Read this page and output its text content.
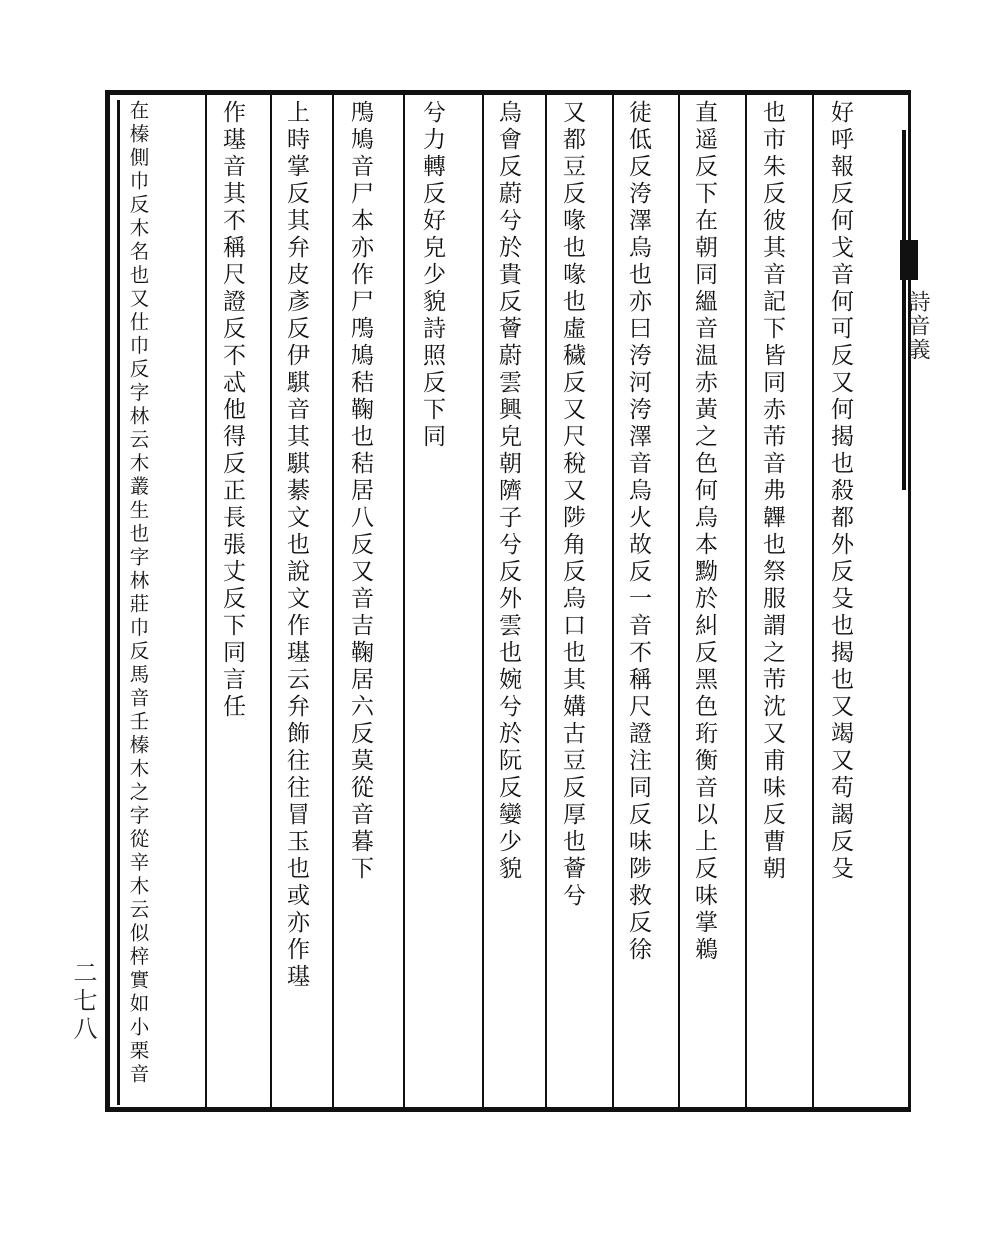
詩音義
好呼報反何戈音何可反又何揭也殺都外反殳也揭也又竭又苟謁反殳
也市朱反彼其音記下皆同赤芾音弗韠也祭服謂之芾沈又甫味反曹朝
直遥反下在朝同縕音温赤黃之色何烏本黝於糾反黑色珩衡音以上反味掌鵜
徒低反洿澤烏也亦曰洿河洿澤音烏火故反一音不稱尺證注同反味陟救反徐
又都豆反喙也喙也虛穢反又尺稅又陟角反烏口也其媾古豆反厚也薈兮
烏會反蔚兮於貴反薈蔚雲興皃朝隮子兮反外雲也婉兮於阮反孌少貌
兮力轉反好皃少貌詩照反下同
鳲鳩音尸本亦作尸鳲鳩秸鞠也秸居八反又音吉鞠居六反莫從音暮下
上時掌反其弁皮彥反伊騏音其騏綦文也說文作璂云弁飾往往冒玉也或亦作璂
作璂音其不稱尺證反不忒他得反正長張丈反下同言任
在榛側巾反木名也又仕巾反字林云木叢生也字林莊巾反馬音壬榛木之字從辛木云似梓實如小栗音
二七八
